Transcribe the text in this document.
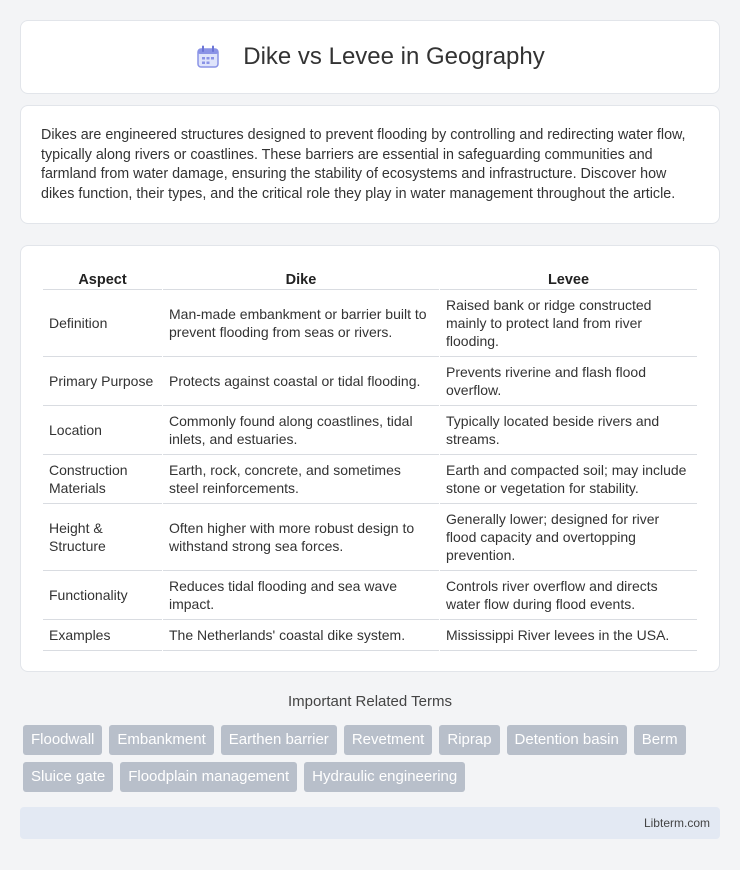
Dike vs Levee in Geography

Dikes are engineered structures designed to prevent flooding by controlling and redirecting water flow, typically along rivers or coastlines. These barriers are essential in safeguarding communities and farmland from water damage, ensuring the stability of ecosystems and infrastructure. Discover how dikes function, their types, and the critical role they play in water management throughout the article.

Aspect	Dike	Levee
Definition	Man-made embankment or barrier built to prevent flooding from seas or rivers.	Raised bank or ridge constructed mainly to protect land from river flooding.
Primary Purpose	Protects against coastal or tidal flooding.	Prevents riverine and flash flood overflow.
Location	Commonly found along coastlines, tidal inlets, and estuaries.	Typically located beside rivers and streams.
Construction Materials	Earth, rock, concrete, and sometimes steel reinforcements.	Earth and compacted soil; may include stone or vegetation for stability.
Height & Structure	Often higher with more robust design to withstand strong sea forces.	Generally lower; designed for river flood capacity and overtopping prevention.
Functionality	Reduces tidal flooding and sea wave impact.	Controls river overflow and directs water flow during flood events.
Examples	The Netherlands' coastal dike system.	Mississippi River levees in the USA.
Important Related Terms
Floodwall	Embankment	Earthen barrier	Revetment	Riprap	Detention basin	Berm
Sluice gate	Floodplain management	Hydraulic engineering
Libterm.com
